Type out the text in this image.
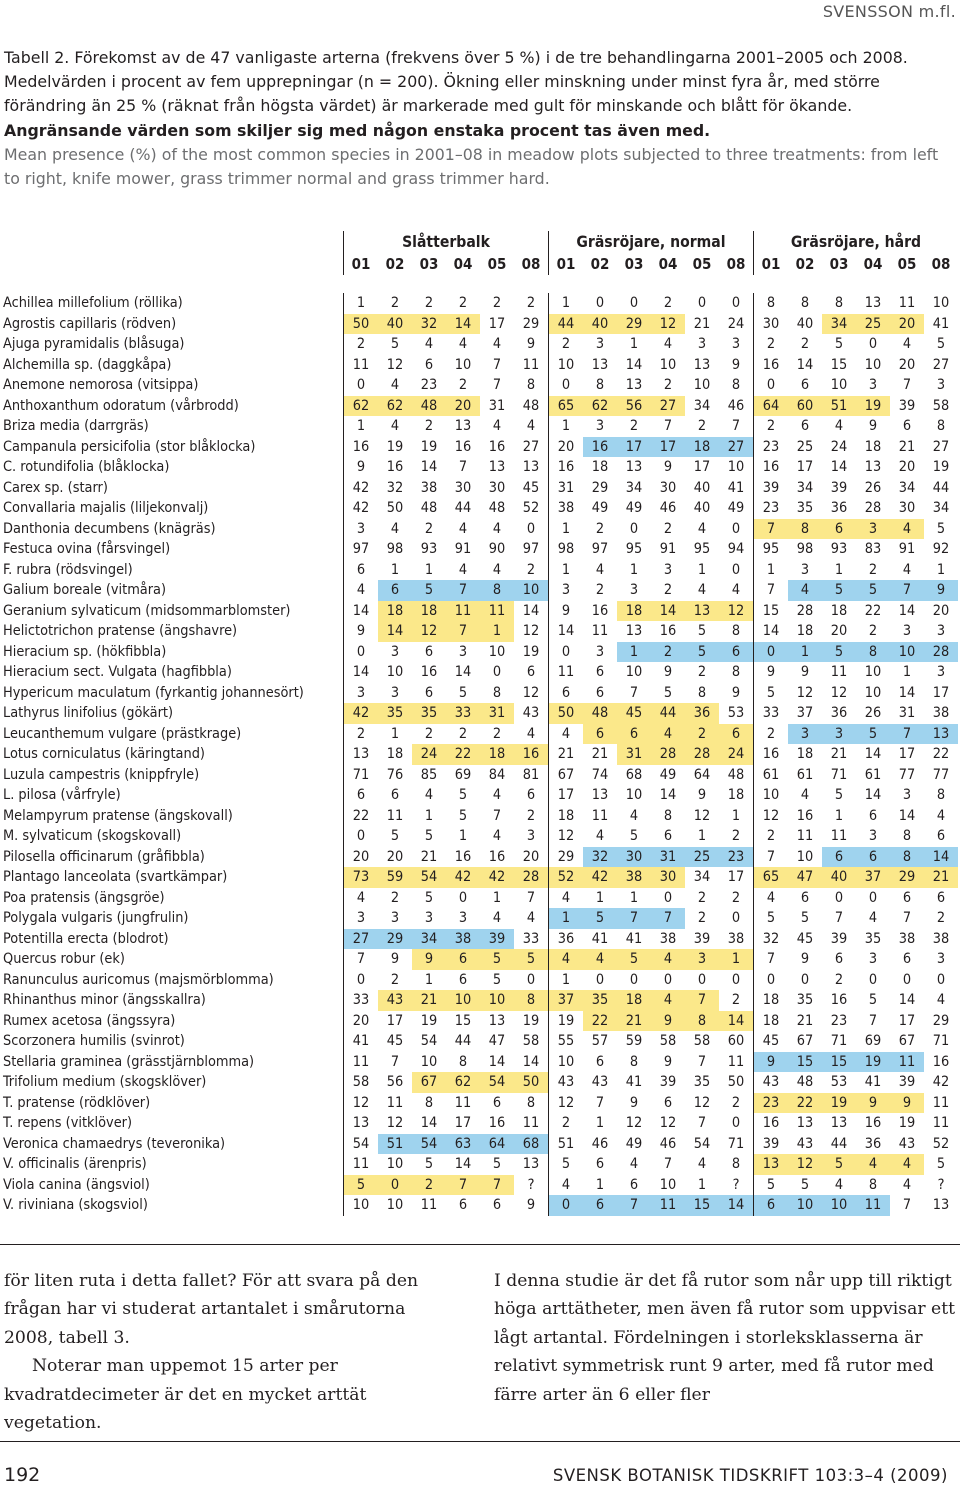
SVENSSON m.fl.
Tabell 2. Förekomst av de 47 vanligaste arterna (frekvens över 5 %) i de tre behandlingarna 2001–2005 och 2008. Medelvärden i procent av fem upprepningar (n = 200). Ökning eller minskning under minst fyra år, med större förändring än 25 % (räknat från högsta värdet) är markerade med gult för minskande och blått för ökande. Angränsande värden som skiljer sig med någon enstaka procent tas även med.
Mean presence (%) of the most common species in 2001–08 in meadow plots subjected to three treatments: from left to right, knife mower, grass trimmer normal and grass trimmer hard.
	Slåtterbalk						Gräsröjare, normal						Gräsröjare, hård					
	01	02	03	04	05	08	01	02	03	04	05	08	01	02	03	04	05	08

Achillea millefolium (röllika)	1	2	2	2	2	2	1	0	0	2	0	0	8	8	8	13	11	10
Agrostis capillaris (rödven)	50	40	32	14	17	29	44	40	29	12	21	24	30	40	34	25	20	41
Ajuga pyramidalis (blåsuga)	2	5	4	4	4	9	2	3	1	4	3	3	2	2	5	0	4	5
Alchemilla sp. (daggkåpa)	11	12	6	10	7	11	10	13	14	10	13	9	16	14	15	10	20	27
Anemone nemorosa (vitsippa)	0	4	23	2	7	8	0	8	13	2	10	8	0	6	10	3	7	3
Anthoxanthum odoratum (vårbrodd)	62	62	48	20	31	48	65	62	56	27	34	46	64	60	51	19	39	58
Briza media (darrgräs)	1	4	2	13	4	4	1	3	2	7	2	7	2	6	4	9	6	8
Campanula persicifolia (stor blåklocka)	16	19	19	16	16	27	20	16	17	17	18	27	23	25	24	18	21	27
C. rotundifolia (blåklocka)	9	16	14	7	13	13	16	18	13	9	17	10	16	17	14	13	20	19
Carex sp. (starr)	42	32	38	30	30	45	31	29	34	30	40	41	39	34	39	26	34	44
Convallaria majalis (liljekonvalj)	42	50	48	44	48	52	38	49	49	46	40	49	23	35	36	28	30	34
Danthonia decumbens (knägräs)	3	4	2	4	4	0	1	2	0	2	4	0	7	8	6	3	4	5
Festuca ovina (fårsvingel)	97	98	93	91	90	97	98	97	95	91	95	94	95	98	93	83	91	92
F. rubra (rödsvingel)	6	1	1	4	4	2	1	4	1	3	1	0	1	3	1	2	4	1
Galium boreale (vitmåra)	4	6	5	7	8	10	3	2	3	2	4	4	7	4	5	5	7	9
Geranium sylvaticum (midsommarblomster)	14	18	18	11	11	14	9	16	18	14	13	12	15	28	18	22	14	20
Helictotrichon pratense (ängshavre)	9	14	12	7	1	12	14	11	13	16	5	8	14	18	20	2	3	3
Hieracium sp. (hökfibbla)	0	3	6	3	10	19	0	3	1	2	5	6	0	1	5	8	10	28
Hieracium sect. Vulgata (hagfibbla)	14	10	16	14	0	6	11	6	10	9	2	8	9	9	11	10	1	3
Hypericum maculatum (fyrkantig johannesört)	3	3	6	5	8	12	6	6	7	5	8	9	5	12	12	10	14	17
Lathyrus linifolius (gökärt)	42	35	35	33	31	43	50	48	45	44	36	53	33	37	36	26	31	38
Leucanthemum vulgare (prästkrage)	2	1	2	2	2	4	4	6	6	4	2	6	2	3	3	5	7	13
Lotus corniculatus (käringtand)	13	18	24	22	18	16	21	21	31	28	28	24	16	18	21	14	17	22
Luzula campestris (knippfryle)	71	76	85	69	84	81	67	74	68	49	64	48	61	61	71	61	77	77
L. pilosa (vårfryle)	6	6	4	5	4	6	17	13	10	14	9	18	10	4	5	14	3	8
Melampyrum pratense (ängskovall)	22	11	1	5	7	2	18	11	4	8	12	1	12	16	1	6	14	4
M. sylvaticum (skogskovall)	0	5	5	1	4	3	12	4	5	6	1	2	2	11	11	3	8	6
Pilosella officinarum (gråfibbla)	20	20	21	16	16	20	29	32	30	31	25	23	7	10	6	6	8	14
Plantago lanceolata (svartkämpar)	73	59	54	42	42	28	52	42	38	30	34	17	65	47	40	37	29	21
Poa pratensis (ängsgröe)	4	2	5	0	1	7	4	1	1	0	2	2	4	6	0	0	6	6
Polygala vulgaris (jungfrulin)	3	3	3	3	4	4	1	5	7	7	2	0	5	5	7	4	7	2
Potentilla erecta (blodrot)	27	29	34	38	39	33	36	41	41	38	39	38	32	45	39	35	38	38
Quercus robur (ek)	7	9	9	6	5	5	4	4	5	4	3	1	7	9	6	3	6	3
Ranunculus auricomus (majsmörblomma)	0	2	1	6	5	0	1	0	0	0	0	0	0	0	2	0	0	0
Rhinanthus minor (ängsskallra)	33	43	21	10	10	8	37	35	18	4	7	2	18	35	16	5	14	4
Rumex acetosa (ängssyra)	20	17	19	15	13	19	19	22	21	9	8	14	18	21	23	7	17	29
Scorzonera humilis (svinrot)	41	45	54	44	47	58	55	57	59	58	58	60	45	67	71	69	67	71
Stellaria graminea (grässtjärnblomma)	11	7	10	8	14	14	10	6	8	9	7	11	9	15	15	19	11	16
Trifolium medium (skogsklöver)	58	56	67	62	54	50	43	43	41	39	35	50	43	48	53	41	39	42
T. pratense (rödklöver)	12	11	8	11	6	8	12	7	9	6	12	2	23	22	19	9	9	11
T. repens (vitklöver)	13	12	14	17	16	11	2	1	12	12	7	0	16	13	13	16	19	11
Veronica chamaedrys (teveronika)	54	51	54	63	64	68	51	46	49	46	54	71	39	43	44	36	43	52
V. officinalis (ärenpris)	11	10	5	14	5	13	5	6	4	7	4	8	13	12	5	4	4	5
Viola canina (ängsviol)	5	0	2	7	7	?	4	1	6	10	1	?	5	5	4	8	4	?
V. riviniana (skogsviol)	10	10	11	6	6	9	0	6	7	11	15	14	6	10	10	11	7	13

för liten ruta i detta fallet? För att svara på den frågan har vi studerat artantalet i smårutorna 2008, tabell 3.

Noterar man uppemot 15 arter per kvadratdecimeter är det en mycket arttät vegetation.

I denna studie är det få rutor som når upp till riktigt höga arttätheter, men även få rutor som uppvisar ett lågt artantal. Fördelningen i storleksklasserna är relativt symmetrisk runt 9 arter, med få rutor med färre arter än 6 eller fler

192	SVENSK BOTANISK TIDSKRIFT 103:3–4 (2009)
